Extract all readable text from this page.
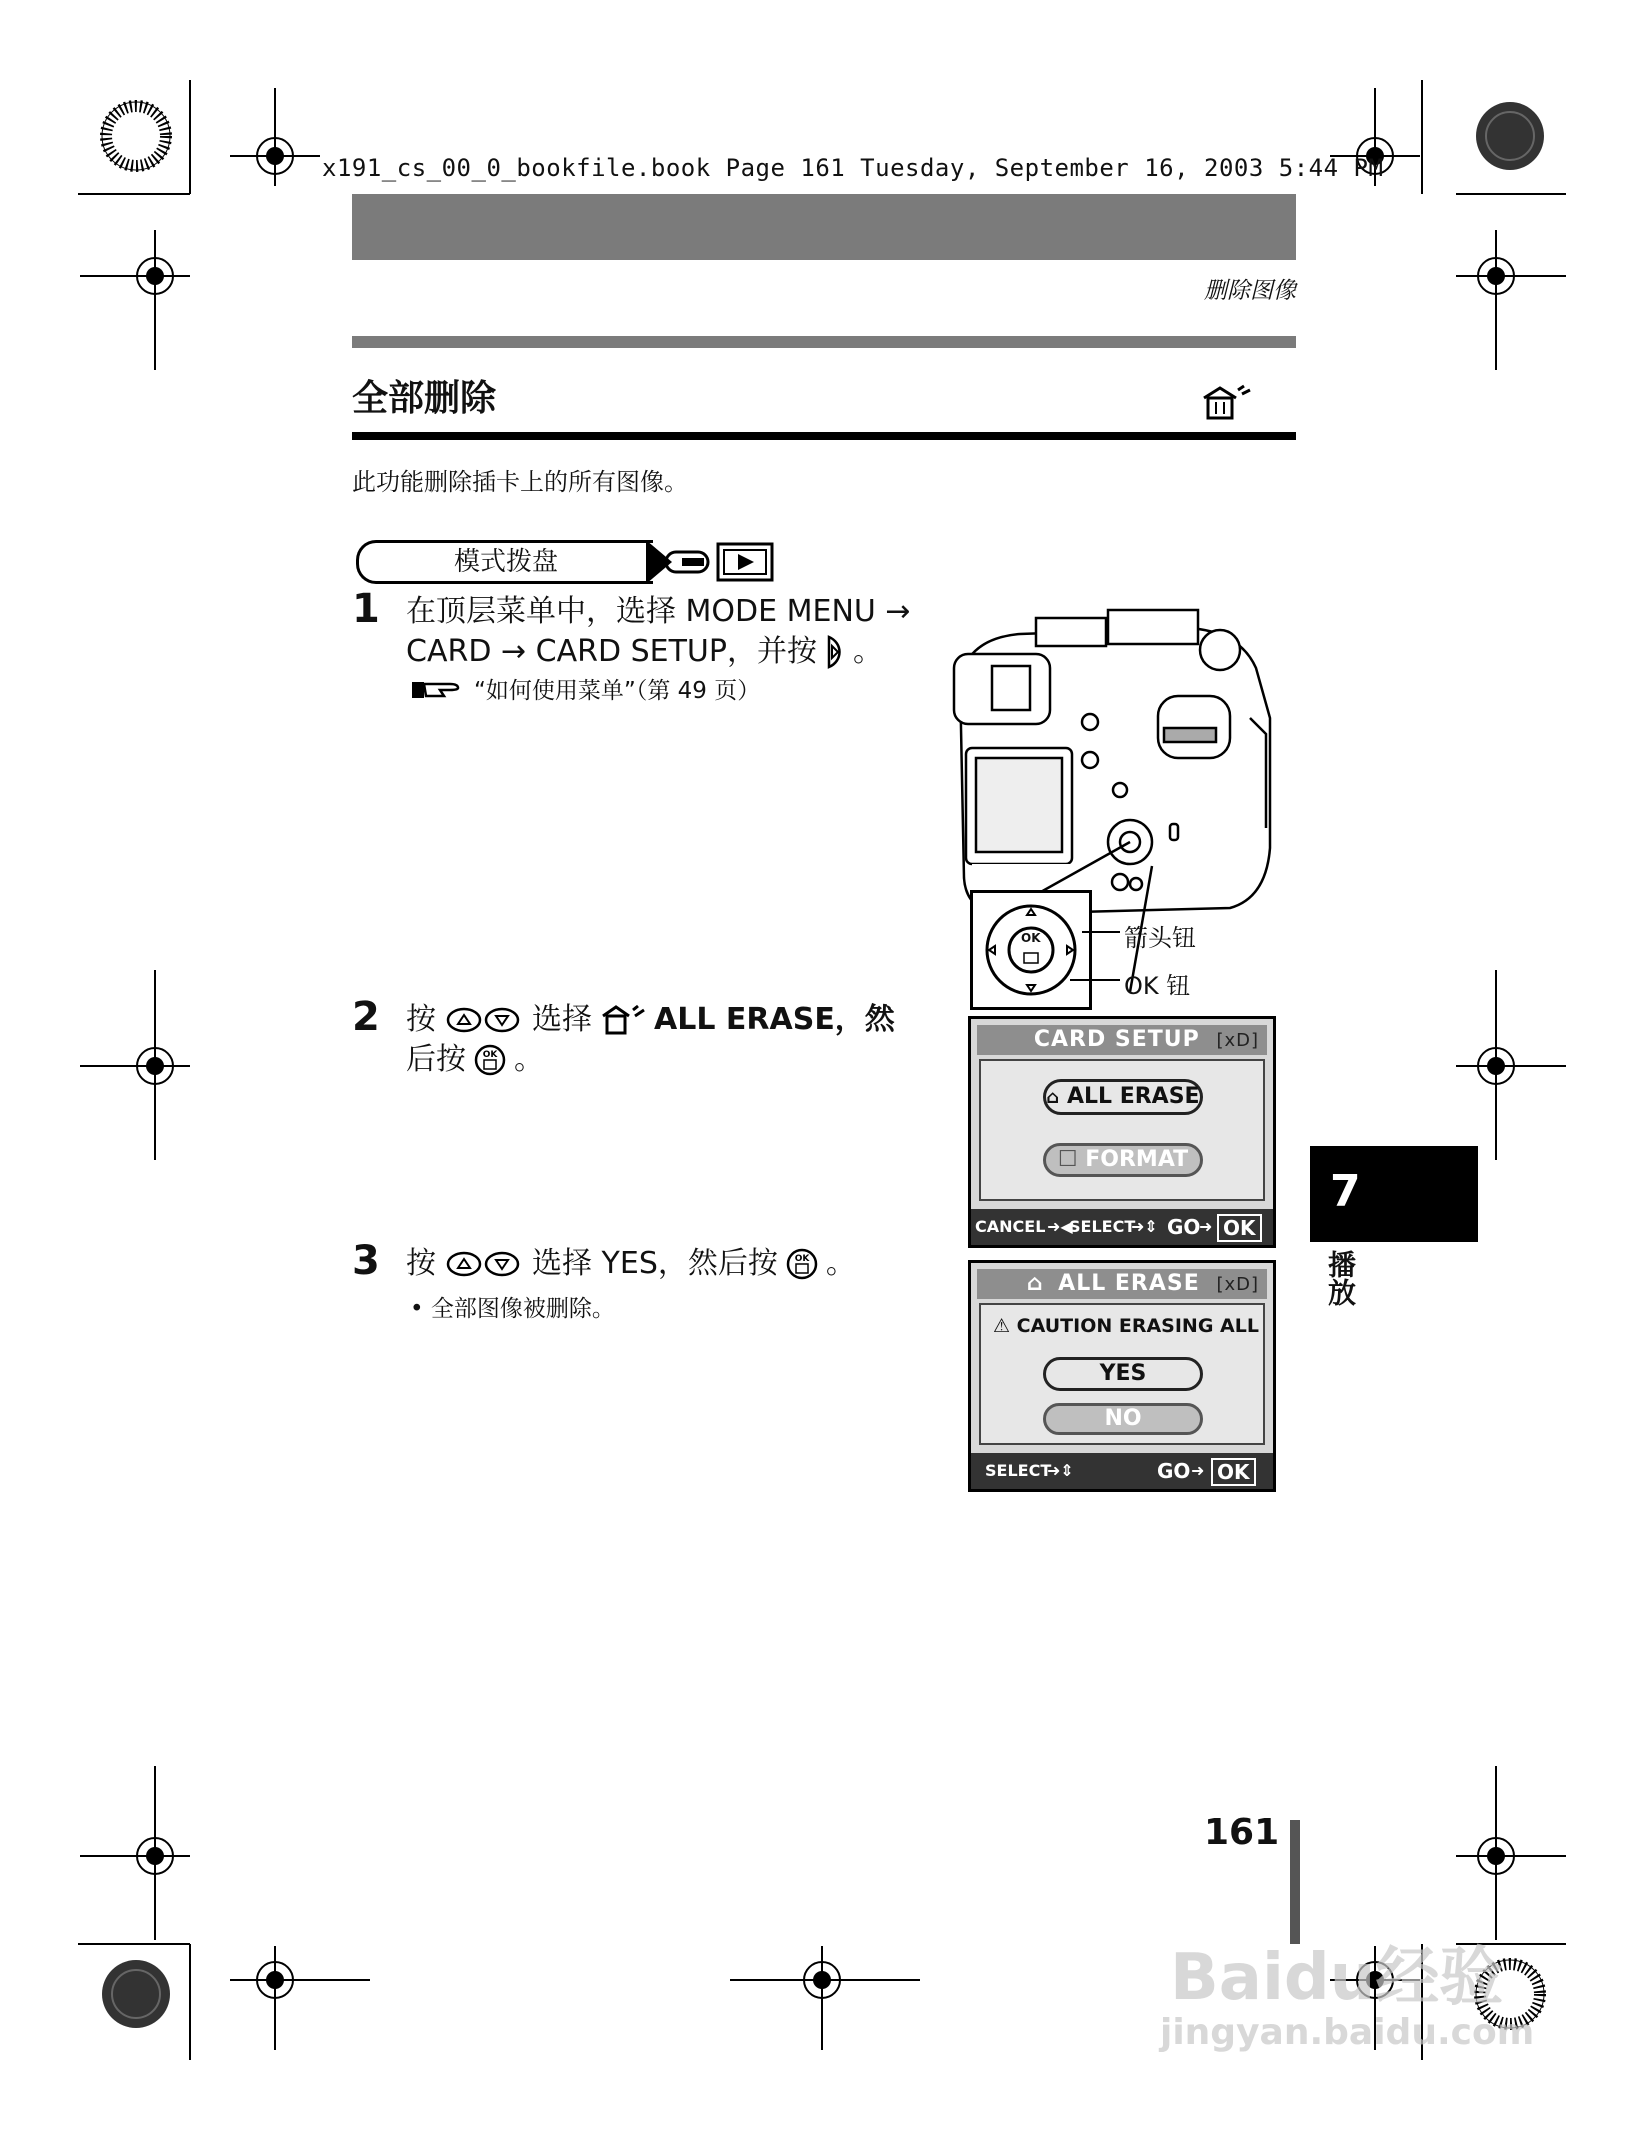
x191_cs_00_0_bookfile.book Page 161 Tuesday, September 16, 2003 5:44 PM
删除图像
全部删除
此功能删除插卡上的所有图像。
模式拨盘
1 在顶层菜单中，选择 MODE MENU →
CARD → CARD SETUP，并按 。
“如何使用菜单”（第 49 页）
OK	箭头钮
OK 钮
2 按	选择 ALL ERASE，然
后按 OK 。
CARD SETUP [xD]
⌂ ALL ERASE
☐ FORMAT
CANCEL ➜◀
SELECT
➜⇕ GO
➜ OK
3 按	选择 YES，然后按 OK 。
• 全部图像被删除。
⌂ ALL ERASE [xD]
⚠ CAUTION ERASING ALL
YES
NO
SELECT
➜⇕	GO ➜ OK
7
播放
161
Baidu经验
jingyan.baidu.com
